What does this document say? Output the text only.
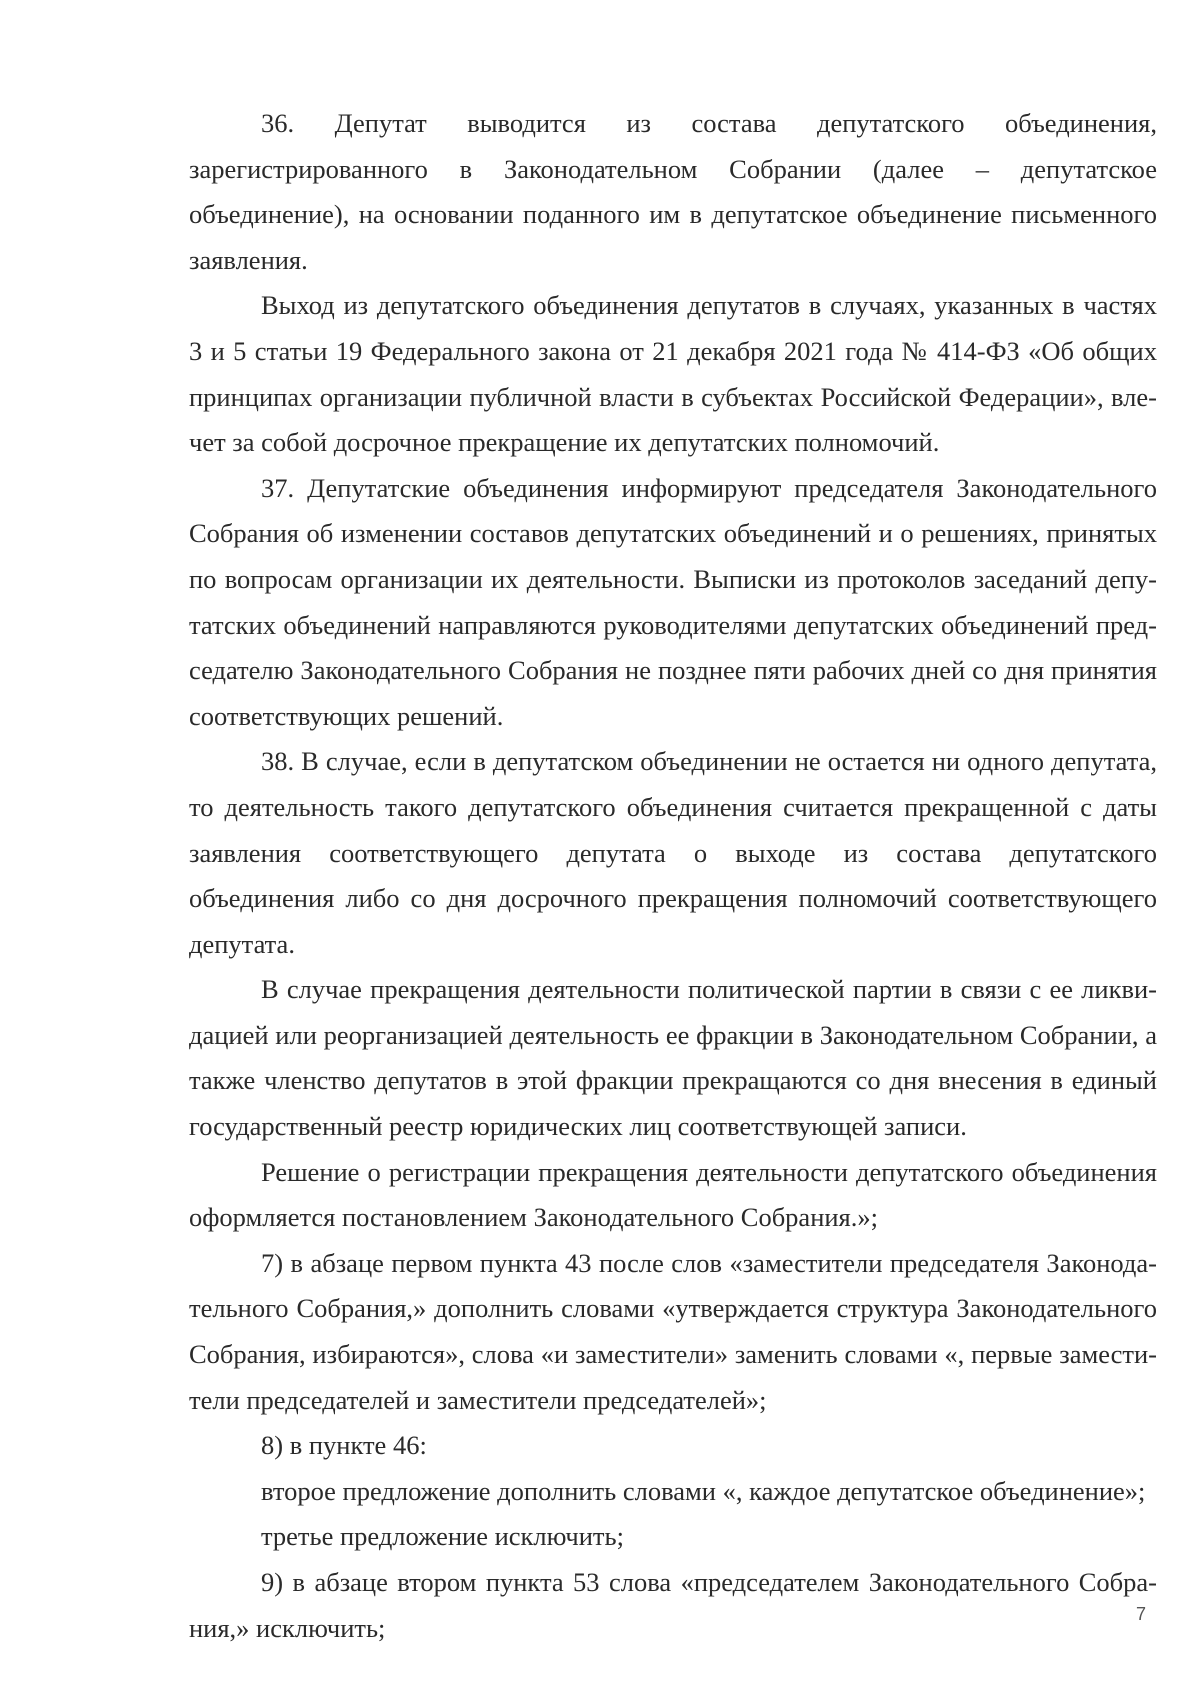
36. Депутат выводится из состава депутатского объединения, зарегистрированного в Законодательном Собрании (далее – депутатское объединение), на основании поданного им в депутатское объединение письменного заявления.

Выход из депутатского объединения депутатов в случаях, указанных в частях 3 и 5 статьи 19 Федерального закона от 21 декабря 2021 года № 414-ФЗ «Об общих принципах организации публичной власти в субъектах Российской Федерации», влечет за собой досрочное прекращение их депутатских полномочий.

37. Депутатские объединения информируют председателя Законодательного Собрания об изменении составов депутатских объединений и о решениях, принятых по вопросам организации их деятельности. Выписки из протоколов заседаний депутатских объединений направляются руководителями депутатских объединений председателю Законодательного Собрания не позднее пяти рабочих дней со дня принятия соответствующих решений.

38. В случае, если в депутатском объединении не остается ни одного депутата, то деятельность такого депутатского объединения считается прекращенной с даты заявления соответствующего депутата о выходе из состава депутатского объединения либо со дня досрочного прекращения полномочий соответствующего депутата.

В случае прекращения деятельности политической партии в связи с ее ликвидацией или реорганизацией деятельность ее фракции в Законодательном Собрании, а также членство депутатов в этой фракции прекращаются со дня внесения в единый государственный реестр юридических лиц соответствующей записи.

Решение о регистрации прекращения деятельности депутатского объединения оформляется постановлением Законодательного Собрания.»;

7) в абзаце первом пункта 43 после слов «заместители председателя Законодательного Собрания,» дополнить словами «утверждается структура Законодательного Собрания, избираются», слова «и заместители» заменить словами «, первые заместители председателей и заместители председателей»;

8) в пункте 46:

второе предложение дополнить словами «, каждое депутатское объединение»;

третье предложение исключить;

9) в абзаце втором пункта 53 слова «председателем Законодательного Собрания,» исключить;	7
